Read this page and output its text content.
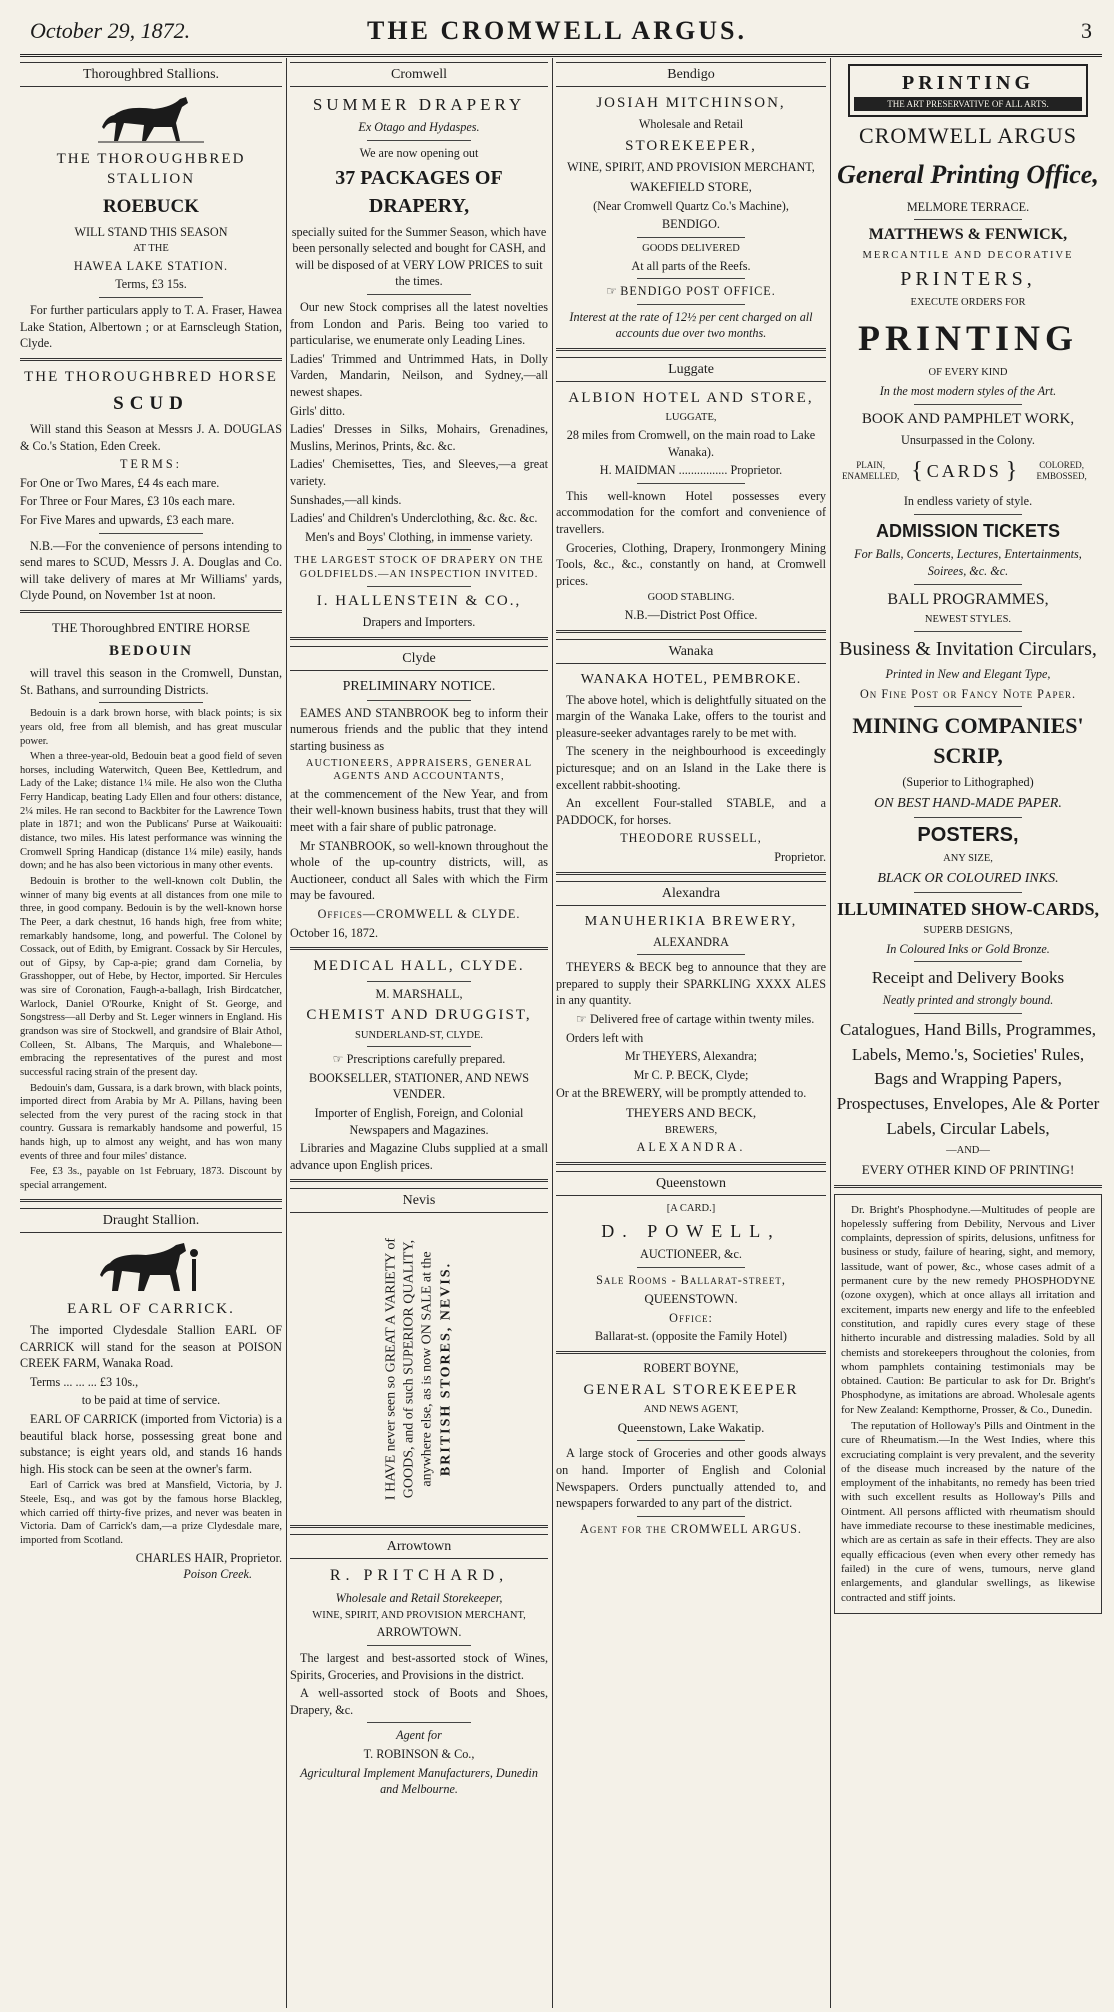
October 29, 1872.	THE CROMWELL ARGUS.	3
Thoroughbred Stallions.
THE THOROUGHBRED STALLION
ROEBUCK
WILL STAND THIS SEASON
AT THE
HAWEA LAKE STATION.
Terms, £3 15s.

For further particulars apply to T. A. Fraser, Hawea Lake Station, Albertown ; or at Earnscleugh Station, Clyde.

THE THOROUGHBRED HORSE
SCUD

Will stand this Season at Messrs J. A. DOUGLAS & Co.'s Station, Eden Creek.

TERMS:

For One or Two Mares, £4 4s each mare.

For Three or Four Mares, £3 10s each mare.

For Five Mares and upwards, £3 each mare.

N.B.—For the convenience of persons intending to send mares to SCUD, Messrs J. A. Douglas and Co. will take delivery of mares at Mr Williams' yards, Clyde Pound, on November 1st at noon.

THE Thoroughbred ENTIRE HORSE
BEDOUIN

will travel this season in the Cromwell, Dunstan, St. Bathans, and surrounding Districts.

Bedouin is a dark brown horse, with black points; is six years old, free from all blemish, and has great muscular power.

When a three-year-old, Bedouin beat a good field of seven horses, including Waterwitch, Queen Bee, Kettledrum, and Lady of the Lake; distance 1¼ mile. He also won the Clutha Ferry Handicap, beating Lady Ellen and four others: distance, 2¼ miles. He ran second to Backbiter for the Lawrence Town plate in 1871; and won the Publicans' Purse at Waikouaiti: distance, two miles. His latest performance was winning the Cromwell Spring Handicap (distance 1¼ mile) easily, hands down; and he has also been victorious in many other events.

Bedouin is brother to the well-known colt Dublin, the winner of many big events at all distances from one mile to three, in good company. Bedouin is by the well-known horse The Peer, a dark chestnut, 16 hands high, free from white; remarkably handsome, long, and powerful. The Colonel by Cossack, out of Edith, by Emigrant. Cossack by Sir Hercules, out of Gipsy, by Cap-a-pie; grand dam Cornelia, by Grasshopper, out of Hebe, by Hector, imported. Sir Hercules was sire of Coronation, Faugh-a-ballagh, Irish Birdcatcher, Warlock, Daniel O'Rourke, Knight of St. George, and Songstress—all Derby and St. Leger winners in England. His grandson was sire of Stockwell, and grandsire of Blair Athol, Colleen, St. Albans, The Marquis, and Whalebone—embracing the representatives of the purest and most successful racing strain of the present day.

Bedouin's dam, Gussara, is a dark brown, with black points, imported direct from Arabia by Mr A. Pillans, having been selected from the very purest of the racing stock in that country. Gussara is remarkably handsome and powerful, 15 hands high, up to almost any weight, and has won many events of three and four miles' distance.

Fee, £3 3s., payable on 1st February, 1873. Discount by special arrangement.

Draught Stallion.
EARL OF CARRICK.

The imported Clydesdale Stallion EARL OF CARRICK will stand for the season at POISON CREEK FARM, Wanaka Road.

Terms ... ... ... £3 10s.,

to be paid at time of service.

EARL OF CARRICK (imported from Victoria) is a beautiful black horse, possessing great bone and substance; is eight years old, and stands 16 hands high. His stock can be seen at the owner's farm.

Earl of Carrick was bred at Mansfield, Victoria, by J. Steele, Esq., and was got by the famous horse Blackleg, which carried off thirty-five prizes, and never was beaten in Victoria. Dam of Carrick's dam,—a prize Clydesdale mare, imported from Scotland.

CHARLES HAIR, Proprietor.
Poison Creek.
Cromwell
SUMMER DRAPERY
Ex Otago and Hydaspes.
We are now opening out
37 PACKAGES OF DRAPERY,

specially suited for the Summer Season, which have been personally selected and bought for CASH, and will be disposed of at VERY LOW PRICES to suit the times.

Our new Stock comprises all the latest novelties from London and Paris. Being too varied to particularise, we enumerate only Leading Lines.

Ladies' Trimmed and Untrimmed Hats, in Dolly Varden, Mandarin, Neilson, and Sydney,—all newest shapes.

Girls' ditto.

Ladies' Dresses in Silks, Mohairs, Grenadines, Muslins, Merinos, Prints, &c. &c.

Ladies' Chemisettes, Ties, and Sleeves,—a great variety.

Sunshades,—all kinds.

Ladies' and Children's Underclothing, &c. &c. &c.

Men's and Boys' Clothing, in immense variety.

THE LARGEST STOCK OF DRAPERY ON THE GOLDFIELDS.—AN INSPECTION INVITED.

I. HALLENSTEIN & CO.,
Drapers and Importers.
Clyde
PRELIMINARY NOTICE.

EAMES AND STANBROOK beg to inform their numerous friends and the public that they intend starting business as

AUCTIONEERS, APPRAISERS, GENERAL AGENTS AND ACCOUNTANTS,

at the commencement of the New Year, and from their well-known business habits, trust that they will meet with a fair share of public patronage.

Mr STANBROOK, so well-known throughout the whole of the up-country districts, will, as Auctioneer, conduct all Sales with which the Firm may be favoured.

Offices—CROMWELL & CLYDE.
October 16, 1872.
MEDICAL HALL, CLYDE.
M. MARSHALL,
CHEMIST AND DRUGGIST,
SUNDERLAND-ST, CLYDE.
☞ Prescriptions carefully prepared.
BOOKSELLER, STATIONER, AND NEWS VENDER.

Importer of English, Foreign, and Colonial Newspapers and Magazines.

Libraries and Magazine Clubs supplied at a small advance upon English prices.

Nevis
I HAVE never seen so GREAT A VARIETY of GOODS, and of such SUPERIOR QUALITY, anywhere else, as is now ON SALE at the BRITISH STORES, NEVIS.
Arrowtown
R. PRITCHARD,
Wholesale and Retail Storekeeper,
WINE, SPIRIT, AND PROVISION MERCHANT,
ARROWTOWN.

The largest and best-assorted stock of Wines, Spirits, Groceries, and Provisions in the district.

A well-assorted stock of Boots and Shoes, Drapery, &c.

Agent for
T. ROBINSON & Co.,
Agricultural Implement Manufacturers, Dunedin and Melbourne.
Bendigo
JOSIAH MITCHINSON,
Wholesale and Retail
STOREKEEPER,
WINE, SPIRIT, AND PROVISION MERCHANT,
WAKEFIELD STORE,
(Near Cromwell Quartz Co.'s Machine),
BENDIGO.
GOODS DELIVERED
At all parts of the Reefs.
☞ BENDIGO POST OFFICE.

Interest at the rate of 12½ per cent charged on all accounts due over two months.

Luggate
ALBION HOTEL AND STORE,
LUGGATE,

28 miles from Cromwell, on the main road to Lake Wanaka).

H. MAIDMAN ................ Proprietor.

This well-known Hotel possesses every accommodation for the comfort and convenience of travellers.

Groceries, Clothing, Drapery, Ironmongery Mining Tools, &c., &c., constantly on hand, at Cromwell prices.

GOOD STABLING.
N.B.—District Post Office.
Wanaka
WANAKA HOTEL, PEMBROKE.

The above hotel, which is delightfully situated on the margin of the Wanaka Lake, offers to the tourist and pleasure-seeker advantages rarely to be met with.

The scenery in the neighbourhood is exceedingly picturesque; and on an Island in the Lake there is excellent rabbit-shooting.

An excellent Four-stalled STABLE, and a PADDOCK, for horses.

THEODORE RUSSELL,
Proprietor.
Alexandra
MANUHERIKIA BREWERY,
ALEXANDRA

THEYERS & BECK beg to announce that they are prepared to supply their SPARKLING XXXX ALES in any quantity.

☞ Delivered free of cartage within twenty miles.

Orders left with

Mr THEYERS, Alexandra;

Mr C. P. BECK, Clyde;

Or at the BREWERY, will be promptly attended to.

THEYERS AND BECK,
BREWERS,
ALEXANDRA.
Queenstown
[A CARD.]
D. POWELL,
AUCTIONEER, &c.
Sale Rooms - Ballarat-street,
QUEENSTOWN.
Office:
Ballarat-st. (opposite the Family Hotel)
ROBERT BOYNE,
GENERAL STOREKEEPER
AND NEWS AGENT,
Queenstown, Lake Wakatip.

A large stock of Groceries and other goods always on hand. Importer of English and Colonial Newspapers. Orders punctually attended to, and newspapers forwarded to any part of the district.

Agent for the CROMWELL ARGUS.
PRINTING
THE ART PRESERVATIVE OF ALL ARTS.
CROMWELL ARGUS
General Printing Office,
MELMORE TERRACE.
MATTHEWS & FENWICK,
MERCANTILE AND DECORATIVE
PRINTERS,
EXECUTE ORDERS FOR
PRINTING
OF EVERY KIND
In the most modern styles of the Art.
BOOK AND PAMPHLET WORK,
Unsurpassed in the Colony.
PLAIN, ENAMELLED, { CARDS }	COLORED, EMBOSSED,
In endless variety of style.
ADMISSION TICKETS
For Balls, Concerts, Lectures, Entertainments, Soirees, &c. &c.
BALL PROGRAMMES,
NEWEST STYLES.
Business & Invitation Circulars,
Printed in New and Elegant Type,
On Fine Post or Fancy Note Paper.
MINING COMPANIES' SCRIP,
(Superior to Lithographed)
ON BEST HAND-MADE PAPER.
POSTERS,
ANY SIZE,
BLACK OR COLOURED INKS.
ILLUMINATED SHOW-CARDS,
SUPERB DESIGNS,
In Coloured Inks or Gold Bronze.
Receipt and Delivery Books
Neatly printed and strongly bound.
Catalogues, Hand Bills, Programmes, Labels, Memo.'s, Societies' Rules, Bags and Wrapping Papers, Prospectuses, Envelopes, Ale & Porter Labels, Circular Labels,
—AND—
EVERY OTHER KIND OF PRINTING!

Dr. Bright's Phosphodyne.—Multitudes of people are hopelessly suffering from Debility, Nervous and Liver complaints, depression of spirits, delusions, unfitness for business or study, failure of hearing, sight, and memory, lassitude, want of power, &c., whose cases admit of a permanent cure by the new remedy PHOSPHODYNE (ozone oxygen), which at once allays all irritation and excitement, imparts new energy and life to the enfeebled constitution, and rapidly cures every stage of these hitherto incurable and distressing maladies. Sold by all chemists and storekeepers throughout the colonies, from whom pamphlets containing testimonials may be obtained. Caution: Be particular to ask for Dr. Bright's Phosphodyne, as imitations are abroad. Wholesale agents for New Zealand: Kempthorne, Prosser, & Co., Dunedin.

The reputation of Holloway's Pills and Ointment in the cure of Rheumatism.—In the West Indies, where this excruciating complaint is very prevalent, and the severity of the disease much increased by the nature of the employment of the inhabitants, no remedy has been tried with such excellent results as Holloway's Pills and Ointment. All persons afflicted with rheumatism should have immediate recourse to these inestimable medicines, which are as certain as safe in their effects. They are also equally efficacious (even when every other remedy has failed) in the cure of wens, tumours, nerve gland enlargements, and glandular swellings, as likewise contracted and stiff joints.
